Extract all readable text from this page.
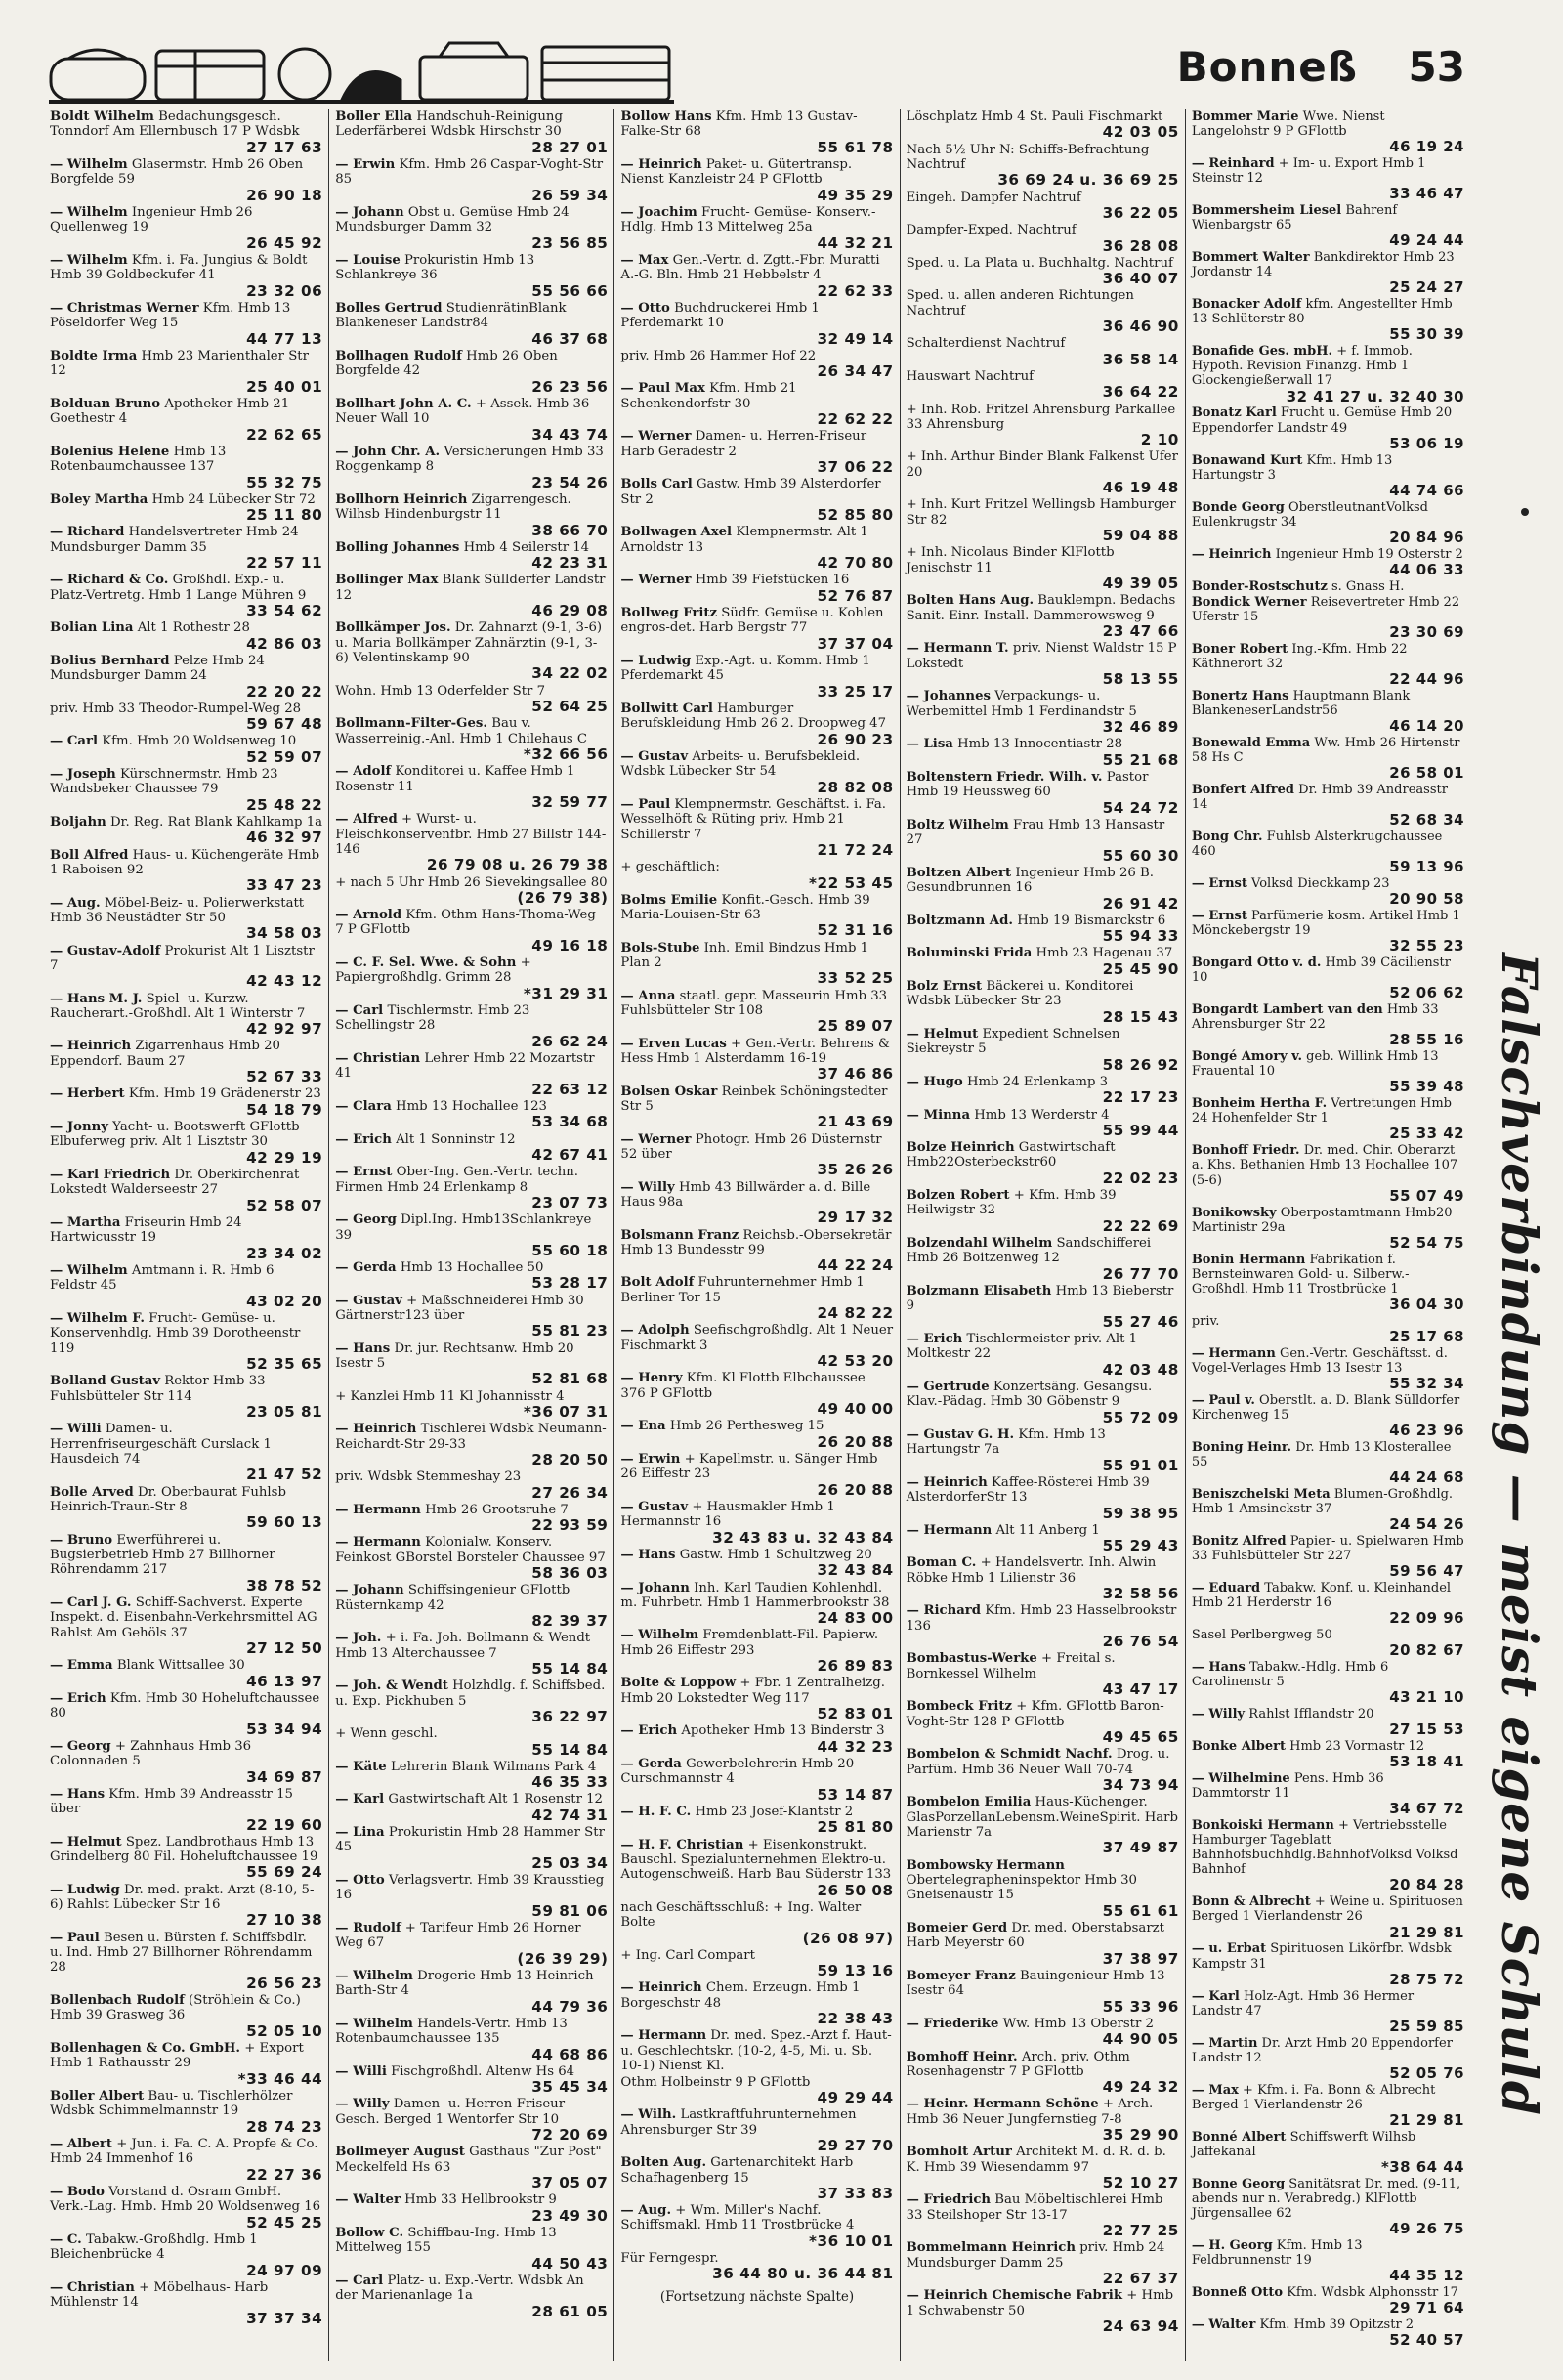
Bonneß 53
Boldt Wilhelm Bedachungsgesch. Tonndorf Am Ellernbusch 17 P Wdsbk
27 17 63
— Wilhelm Glasermstr. Hmb 26 Oben Borgfelde 59
26 90 18
— Wilhelm Ingenieur Hmb 26 Quellenweg 19
26 45 92
— Wilhelm Kfm. i. Fa. Jungius & Boldt Hmb 39 Goldbeckufer 41
23 32 06
— Christmas Werner Kfm. Hmb 13 Pöseldorfer Weg 15
44 77 13
Boldte Irma Hmb 23 Marienthaler Str 12
25 40 01
Bolduan Bruno Apotheker Hmb 21 Goethestr 4
22 62 65
Bolenius Helene Hmb 13 Rotenbaumchaussee 137
55 32 75
Boley Martha Hmb 24 Lübecker Str 72
25 11 80
— Richard Handelsvertreter Hmb 24 Mundsburger Damm 35
22 57 11
— Richard & Co. Großhdl. Exp.- u. Platz-Vertretg. Hmb 1 Lange Mühren 9
33 54 62
Bolian Lina Alt 1 Rothestr 28
42 86 03
Bolius Bernhard Pelze Hmb 24 Mundsburger Damm 24
22 20 22
priv. Hmb 33 Theodor-Rumpel-Weg 28
59 67 48
— Carl Kfm. Hmb 20 Woldsenweg 10
52 59 07
— Joseph Kürschnermstr. Hmb 23 Wandsbeker Chaussee 79
25 48 22
Boljahn Dr. Reg. Rat Blank Kahlkamp 1a
46 32 97
Boll Alfred Haus- u. Küchengeräte Hmb 1 Raboisen 92
33 47 23
— Aug. Möbel-Beiz- u. Polierwerkstatt Hmb 36 Neustädter Str 50
34 58 03
— Gustav-Adolf Prokurist Alt 1 Lisztstr 7
42 43 12
— Hans M. J. Spiel- u. Kurzw. Raucherart.-Großhdl. Alt 1 Winterstr 7
42 92 97
— Heinrich Zigarrenhaus Hmb 20 Eppendorf. Baum 27
52 67 33
— Herbert Kfm. Hmb 19 Grädenerstr 23
54 18 79
— Jonny Yacht- u. Bootswerft GFlottb Elbuferweg priv. Alt 1 Lisztstr 30
42 29 19
— Karl Friedrich Dr. Oberkirchenrat Lokstedt Walderseestr 27
52 58 07
— Martha Friseurin Hmb 24 Hartwicusstr 19
23 34 02
— Wilhelm Amtmann i. R. Hmb 6 Feldstr 45
43 02 20
— Wilhelm F. Frucht- Gemüse- u. Konservenhdlg. Hmb 39 Dorotheenstr 119
52 35 65
Bolland Gustav Rektor Hmb 33 Fuhlsbütteler Str 114
23 05 81
— Willi Damen- u. Herrenfriseurgeschäft Curslack 1 Hausdeich 74
21 47 52
Bolle Arved Dr. Oberbaurat Fuhlsb Heinrich-Traun-Str 8
59 60 13
— Bruno Ewerführerei u. Bugsierbetrieb Hmb 27 Billhorner Röhrendamm 217
38 78 52
— Carl J. G. Schiff-Sachverst. Experte Inspekt. d. Eisenbahn-Verkehrsmittel AG Rahlst Am Gehöls 37
27 12 50
— Emma Blank Wittsallee 30
46 13 97
— Erich Kfm. Hmb 30 Hoheluftchaussee 80
53 34 94
— Georg + Zahnhaus Hmb 36 Colonnaden 5
34 69 87
— Hans Kfm. Hmb 39 Andreasstr 15 über
22 19 60
— Helmut Spez. Landbrothaus Hmb 13 Grindelberg 80 Fil. Hoheluftchaussee 19
55 69 24
— Ludwig Dr. med. prakt. Arzt (8-10, 5-6) Rahlst Lübecker Str 16
27 10 38
— Paul Besen u. Bürsten f. Schiffsbdlr. u. Ind. Hmb 27 Billhorner Röhrendamm 28
26 56 23
Bollenbach Rudolf (Ströhlein & Co.) Hmb 39 Grasweg 36
52 05 10
Bollenhagen & Co. GmbH. + Export Hmb 1 Rathausstr 29
*33 46 44
Boller Albert Bau- u. Tischlerhölzer Wdsbk Schimmelmannstr 19
28 74 23
— Albert + Jun. i. Fa. C. A. Propfe & Co. Hmb 24 Immenhof 16
22 27 36
— Bodo Vorstand d. Osram GmbH. Verk.-Lag. Hmb. Hmb 20 Woldsenweg 16
52 45 25
— C. Tabakw.-Großhdlg. Hmb 1 Bleichenbrücke 4
24 97 09
— Christian + Möbelhaus- Harb Mühlenstr 14
37 37 34
Boller Ella Handschuh-Reinigung Lederfärberei Wdsbk Hirschstr 30
28 27 01
— Erwin Kfm. Hmb 26 Caspar-Voght-Str 85
26 59 34
— Johann Obst u. Gemüse Hmb 24 Mundsburger Damm 32
23 56 85
— Louise Prokuristin Hmb 13 Schlankreye 36
55 56 66
Bolles Gertrud StudienrätinBlank Blankeneser Landstr84
46 37 68
Bollhagen Rudolf Hmb 26 Oben Borgfelde 42
26 23 56
Bollhart John A. C. + Assek. Hmb 36 Neuer Wall 10
34 43 74
— John Chr. A. Versicherungen Hmb 33 Roggenkamp 8
23 54 26
Bollhorn Heinrich Zigarrengesch. Wilhsb Hindenburgstr 11
38 66 70
Bolling Johannes Hmb 4 Seilerstr 14
42 23 31
Bollinger Max Blank Süllderfer Landstr 12
46 29 08
Bollkämper Jos. Dr. Zahnarzt (9-1, 3-6) u. Maria Bollkämper Zahnärztin (9-1, 3-6) Velentinskamp 90
34 22 02
Wohn. Hmb 13 Oderfelder Str 7
52 64 25
Bollmann-Filter-Ges. Bau v. Wasserreinig.-Anl. Hmb 1 Chilehaus C
*32 66 56
— Adolf Konditorei u. Kaffee Hmb 1 Rosenstr 11
32 59 77
— Alfred + Wurst- u. Fleischkonservenfbr. Hmb 27 Billstr 144-146
26 79 08 u. 26 79 38
+ nach 5 Uhr Hmb 26 Sievekingsallee 80
(26 79 38)
— Arnold Kfm. Othm Hans-Thoma-Weg 7 P GFlottb
49 16 18
— C. F. Sel. Wwe. & Sohn + Papiergroßhdlg. Grimm 28
*31 29 31
— Carl Tischlermstr. Hmb 23 Schellingstr 28
26 62 24
— Christian Lehrer Hmb 22 Mozartstr 41
22 63 12
— Clara Hmb 13 Hochallee 123
53 34 68
— Erich Alt 1 Sonninstr 12
42 67 41
— Ernst Ober-Ing. Gen.-Vertr. techn. Firmen Hmb 24 Erlenkamp 8
23 07 73
— Georg Dipl.Ing. Hmb13Schlankreye 39
55 60 18
— Gerda Hmb 13 Hochallee 50
53 28 17
— Gustav + Maßschneiderei Hmb 30 Gärtnerstr123 über
55 81 23
— Hans Dr. jur. Rechtsanw. Hmb 20 Isestr 5
52 81 68
+ Kanzlei Hmb 11 Kl Johannisstr 4
*36 07 31
— Heinrich Tischlerei Wdsbk Neumann-Reichardt-Str 29-33
28 20 50
priv. Wdsbk Stemmeshay 23
27 26 34
— Hermann Hmb 26 Grootsruhe 7
22 93 59
— Hermann Kolonialw. Konserv. Feinkost GBorstel Borsteler Chaussee 97
58 36 03
— Johann Schiffsingenieur GFlottb Rüsternkamp 42
82 39 37
— Joh. + i. Fa. Joh. Bollmann & Wendt Hmb 13 Alterchaussee 7
55 14 84
— Joh. & Wendt Holzhdlg. f. Schiffsbed. u. Exp. Pickhuben 5
36 22 97
+ Wenn geschl.
55 14 84
— Käte Lehrerin Blank Wilmans Park 4
46 35 33
— Karl Gastwirtschaft Alt 1 Rosenstr 12
42 74 31
— Lina Prokuristin Hmb 28 Hammer Str 45
25 03 34
— Otto Verlagsvertr. Hmb 39 Krausstieg 16
59 81 06
— Rudolf + Tarifeur Hmb 26 Horner Weg 67
(26 39 29)
— Wilhelm Drogerie Hmb 13 Heinrich-Barth-Str 4
44 79 36
— Wilhelm Handels-Vertr. Hmb 13 Rotenbaumchaussee 135
44 68 86
— Willi Fischgroßhdl. Altenw Hs 64
35 45 34
— Willy Damen- u. Herren-Friseur-Gesch. Berged 1 Wentorfer Str 10
72 20 69
Bollmeyer August Gasthaus "Zur Post" Meckelfeld Hs 63
37 05 07
— Walter Hmb 33 Hellbrookstr 9
23 49 30
Bollow C. Schiffbau-Ing. Hmb 13 Mittelweg 155
44 50 43
— Carl Platz- u. Exp.-Vertr. Wdsbk An der Marienanlage 1a
28 61 05
Bollow Hans Kfm. Hmb 13 Gustav-Falke-Str 68
55 61 78
— Heinrich Paket- u. Gütertransp. Nienst Kanzleistr 24 P GFlottb
49 35 29
— Joachim Frucht- Gemüse- Konserv.-Hdlg. Hmb 13 Mittelweg 25a
44 32 21
— Max Gen.-Vertr. d. Zgtt.-Fbr. Muratti A.-G. Bln. Hmb 21 Hebbelstr 4
22 62 33
— Otto Buchdruckerei Hmb 1 Pferdemarkt 10
32 49 14
priv. Hmb 26 Hammer Hof 22
26 34 47
— Paul Max Kfm. Hmb 21 Schenkendorfstr 30
22 62 22
— Werner Damen- u. Herren-Friseur Harb Geradestr 2
37 06 22
Bolls Carl Gastw. Hmb 39 Alsterdorfer Str 2
52 85 80
Bollwagen Axel Klempnermstr. Alt 1 Arnoldstr 13
42 70 80
— Werner Hmb 39 Fiefstücken 16
52 76 87
Bollweg Fritz Südfr. Gemüse u. Kohlen engros-det. Harb Bergstr 77
37 37 04
— Ludwig Exp.-Agt. u. Komm. Hmb 1 Pferdemarkt 45
33 25 17
Bollwitt Carl Hamburger Berufskleidung Hmb 26 2. Droopweg 47
26 90 23
— Gustav Arbeits- u. Berufsbekleid. Wdsbk Lübecker Str 54
28 82 08
— Paul Klempnermstr. Geschäftst. i. Fa. Wesselhöft & Rüting priv. Hmb 21 Schillerstr 7
21 72 24
+ geschäftlich:
*22 53 45
Bolms Emilie Konfit.-Gesch. Hmb 39 Maria-Louisen-Str 63
52 31 16
Bols-Stube Inh. Emil Bindzus Hmb 1 Plan 2
33 52 25
— Anna staatl. gepr. Masseurin Hmb 33 Fuhlsbütteler Str 108
25 89 07
— Erven Lucas + Gen.-Vertr. Behrens & Hess Hmb 1 Alsterdamm 16-19
37 46 86
Bolsen Oskar Reinbek Schöningstedter Str 5
21 43 69
— Werner Photogr. Hmb 26 Düsternstr 52 über
35 26 26
— Willy Hmb 43 Billwärder a. d. Bille Haus 98a
29 17 32
Bolsmann Franz Reichsb.-Obersekretär Hmb 13 Bundesstr 99
44 22 24
Bolt Adolf Fuhrunternehmer Hmb 1 Berliner Tor 15
24 82 22
— Adolph Seefischgroßhdlg. Alt 1 Neuer Fischmarkt 3
42 53 20
— Henry Kfm. Kl Flottb Elbchaussee 376 P GFlottb
49 40 00
— Ena Hmb 26 Perthesweg 15
26 20 88
— Erwin + Kapellmstr. u. Sänger Hmb 26 Eiffestr 23
26 20 88
— Gustav + Hausmakler Hmb 1 Hermannstr 16
32 43 83 u. 32 43 84
— Hans Gastw. Hmb 1 Schultzweg 20
32 43 84
— Johann Inh. Karl Taudien Kohlenhdl. m. Fuhrbetr. Hmb 1 Hammerbrookstr 38
24 83 00
— Wilhelm Fremdenblatt-Fil. Papierw. Hmb 26 Eiffestr 293
26 89 83
Bolte & Loppow + Fbr. 1 Zentralheizg. Hmb 20 Lokstedter Weg 117
52 83 01
— Erich Apotheker Hmb 13 Binderstr 3
44 32 23
— Gerda Gewerbelehrerin Hmb 20 Curschmannstr 4
53 14 87
— H. F. C. Hmb 23 Josef-Klantstr 2
25 81 80
— H. F. Christian + Eisenkonstrukt. Bauschl. Spezialunternehmen Elektro-u. Autogenschweiß. Harb Bau Süderstr 133
26 50 08
nach Geschäftsschluß: + Ing. Walter Bolte
(26 08 97)
+ Ing. Carl Compart
59 13 16
— Heinrich Chem. Erzeugn. Hmb 1 Borgeschstr 48
22 38 43
— Hermann Dr. med. Spez.-Arzt f. Haut- u. Geschlechtskr. (10-2, 4-5, Mi. u. Sb. 10-1) Nienst Kl.
Othm Holbeinstr 9 P GFlottb
49 29 44
— Wilh. Lastkraftfuhrunternehmen Ahrensburger Str 39
29 27 70
Bolten Aug. Gartenarchitekt Harb Schafhagenberg 15
37 33 83
— Aug. + Wm. Miller's Nachf. Schiffsmakl. Hmb 11 Trostbrücke 4
*36 10 01
Für Ferngespr.
36 44 80 u. 36 44 81
(Fortsetzung nächste Spalte)
Löschplatz Hmb 4 St. Pauli Fischmarkt
42 03 05
Nach 5½ Uhr N: Schiffs-Befrachtung Nachtruf
36 69 24 u. 36 69 25
Eingeh. Dampfer Nachtruf
36 22 05
Dampfer-Exped. Nachtruf
36 28 08
Sped. u. La Plata u. Buchhaltg. Nachtruf
36 40 07
Sped. u. allen anderen Richtungen Nachtruf
36 46 90
Schalterdienst Nachtruf
36 58 14
Hauswart Nachtruf
36 64 22
+ Inh. Rob. Fritzel Ahrensburg Parkallee 33 Ahrensburg
2 10
+ Inh. Arthur Binder Blank Falkenst Ufer 20
46 19 48
+ Inh. Kurt Fritzel Wellingsb Hamburger Str 82
59 04 88
+ Inh. Nicolaus Binder KlFlottb Jenischstr 11
49 39 05
Bolten Hans Aug. Bauklempn. Bedachs Sanit. Einr. Install. Dammerowsweg 9
23 47 66
— Hermann T. priv. Nienst Waldstr 15 P Lokstedt
58 13 55
— Johannes Verpackungs- u. Werbemittel Hmb 1 Ferdinandstr 5
32 46 89
— Lisa Hmb 13 Innocentiastr 28
55 21 68
Boltenstern Friedr. Wilh. v. Pastor Hmb 19 Heussweg 60
54 24 72
Boltz Wilhelm Frau Hmb 13 Hansastr 27
55 60 30
Boltzen Albert Ingenieur Hmb 26 B. Gesundbrunnen 16
26 91 42
Boltzmann Ad. Hmb 19 Bismarckstr 6
55 94 33
Boluminski Frida Hmb 23 Hagenau 37
25 45 90
Bolz Ernst Bäckerei u. Konditorei Wdsbk Lübecker Str 23
28 15 43
— Helmut Expedient Schnelsen Siekreystr 5
58 26 92
— Hugo Hmb 24 Erlenkamp 3
22 17 23
— Minna Hmb 13 Werderstr 4
55 99 44
Bolze Heinrich Gastwirtschaft Hmb22Osterbeckstr60
22 02 23
Bolzen Robert + Kfm. Hmb 39 Heilwigstr 32
22 22 69
Bolzendahl Wilhelm Sandschifferei Hmb 26 Boitzenweg 12
26 77 70
Bolzmann Elisabeth Hmb 13 Bieberstr 9
55 27 46
— Erich Tischlermeister priv. Alt 1 Moltkestr 22
42 03 48
— Gertrude Konzertsäng. Gesangsu. Klav.-Pädag. Hmb 30 Göbenstr 9
55 72 09
— Gustav G. H. Kfm. Hmb 13 Hartungstr 7a
55 91 01
— Heinrich Kaffee-Rösterei Hmb 39 AlsterdorferStr 13
59 38 95
— Hermann Alt 11 Anberg 1
55 29 43
Boman C. + Handelsvertr. Inh. Alwin Röbke Hmb 1 Lilienstr 36
32 58 56
— Richard Kfm. Hmb 23 Hasselbrookstr 136
26 76 54
Bombastus-Werke + Freital s. Bornkessel Wilhelm
43 47 17
Bombeck Fritz + Kfm. GFlottb Baron-Voght-Str 128 P GFlottb
49 45 65
Bombelon & Schmidt Nachf. Drog. u. Parfüm. Hmb 36 Neuer Wall 70-74
34 73 94
Bombelon Emilia Haus-Küchenger. GlasPorzellanLebensm.WeineSpirit. Harb Marienstr 7a
37 49 87
Bombowsky Hermann Obertelegrapheninspektor Hmb 30 Gneisenaustr 15
55 61 61
Bomeier Gerd Dr. med. Oberstabsarzt Harb Meyerstr 60
37 38 97
Bomeyer Franz Bauingenieur Hmb 13 Isestr 64
55 33 96
— Friederike Ww. Hmb 13 Oberstr 2
44 90 05
Bomhoff Heinr. Arch. priv. Othm Rosenhagenstr 7 P GFlottb
49 24 32
— Heinr. Hermann Schöne + Arch. Hmb 36 Neuer Jungfernstieg 7-8
35 29 90
Bomholt Artur Architekt M. d. R. d. b. K. Hmb 39 Wiesendamm 97
52 10 27
— Friedrich Bau Möbeltischlerei Hmb 33 Steilshoper Str 13-17
22 77 25
Bommelmann Heinrich priv. Hmb 24 Mundsburger Damm 25
22 67 37
— Heinrich Chemische Fabrik + Hmb 1 Schwabenstr 50
24 63 94
Bommer Marie Wwe. Nienst Langelohstr 9 P GFlottb
46 19 24
— Reinhard + Im- u. Export Hmb 1 Steinstr 12
33 46 47
Bommersheim Liesel Bahrenf Wienbargstr 65
49 24 44
Bommert Walter Bankdirektor Hmb 23 Jordanstr 14
25 24 27
Bonacker Adolf kfm. Angestellter Hmb 13 Schlüterstr 80
55 30 39
Bonafide Ges. mbH. + f. Immob. Hypoth. Revision Finanzg. Hmb 1 Glockengießerwall 17
32 41 27 u. 32 40 30
Bonatz Karl Frucht u. Gemüse Hmb 20 Eppendorfer Landstr 49
53 06 19
Bonawand Kurt Kfm. Hmb 13 Hartungstr 3
44 74 66
Bonde Georg OberstleutnantVolksd Eulenkrugstr 34
20 84 96
— Heinrich Ingenieur Hmb 19 Osterstr 2
44 06 33
Bonder-Rostschutz s. Gnass H.
Bondick Werner Reisevertreter Hmb 22 Uferstr 15
23 30 69
Boner Robert Ing.-Kfm. Hmb 22 Käthnerort 32
22 44 96
Bonertz Hans Hauptmann Blank BlankeneserLandstr56
46 14 20
Bonewald Emma Ww. Hmb 26 Hirtenstr 58 Hs C
26 58 01
Bonfert Alfred Dr. Hmb 39 Andreasstr 14
52 68 34
Bong Chr. Fuhlsb Alsterkrugchaussee 460
59 13 96
— Ernst Volksd Dieckkamp 23
20 90 58
— Ernst Parfümerie kosm. Artikel Hmb 1 Mönckebergstr 19
32 55 23
Bongard Otto v. d. Hmb 39 Cäcilienstr 10
52 06 62
Bongardt Lambert van den Hmb 33 Ahrensburger Str 22
28 55 16
Bongé Amory v. geb. Willink Hmb 13 Frauental 10
55 39 48
Bonheim Hertha F. Vertretungen Hmb 24 Hohenfelder Str 1
25 33 42
Bonhoff Friedr. Dr. med. Chir. Oberarzt a. Khs. Bethanien Hmb 13 Hochallee 107 (5-6)
55 07 49
Bonikowsky Oberpostamtmann Hmb20 Martinistr 29a
52 54 75
Bonin Hermann Fabrikation f. Bernsteinwaren Gold- u. Silberw.-Großhdl. Hmb 11 Trostbrücke 1
36 04 30
priv.
25 17 68
— Hermann Gen.-Vertr. Geschäftsst. d. Vogel-Verlages Hmb 13 Isestr 13
55 32 34
— Paul v. Oberstlt. a. D. Blank Sülldorfer Kirchenweg 15
46 23 96
Boning Heinr. Dr. Hmb 13 Klosterallee 55
44 24 68
Beniszchelski Meta Blumen-Großhdlg. Hmb 1 Amsinckstr 37
24 54 26
Bonitz Alfred Papier- u. Spielwaren Hmb 33 Fuhlsbütteler Str 227
59 56 47
— Eduard Tabakw. Konf. u. Kleinhandel Hmb 21 Herderstr 16
22 09 96
Sasel Perlbergweg 50
20 82 67
— Hans Tabakw.-Hdlg. Hmb 6 Carolinenstr 5
43 21 10
— Willy Rahlst Ifflandstr 20
27 15 53
Bonke Albert Hmb 23 Vormastr 12
53 18 41
— Wilhelmine Pens. Hmb 36 Dammtorstr 11
34 67 72
Bonkoiski Hermann + Vertriebsstelle Hamburger Tageblatt Bahnhofsbuchhdlg.BahnhofVolksd Volksd Bahnhof
20 84 28
Bonn & Albrecht + Weine u. Spirituosen Berged 1 Vierlandenstr 26
21 29 81
— u. Erbat Spirituosen Likörfbr. Wdsbk Kampstr 31
28 75 72
— Karl Holz-Agt. Hmb 36 Hermer Landstr 47
25 59 85
— Martin Dr. Arzt Hmb 20 Eppendorfer Landstr 12
52 05 76
— Max + Kfm. i. Fa. Bonn & Albrecht Berged 1 Vierlandenstr 26
21 29 81
Bonné Albert Schiffswerft Wilhsb Jaffekanal
*38 64 44
Bonne Georg Sanitätsrat Dr. med. (9-11, abends nur n. Verabredg.) KlFlottb Jürgensallee 62
49 26 75
— H. Georg Kfm. Hmb 13 Feldbrunnenstr 19
44 35 12
Bonneß Otto Kfm. Wdsbk Alphonsstr 17
29 71 64
— Walter Kfm. Hmb 39 Opitzstr 2
52 40 57
Falschverbindung — meist eigene Schuld
